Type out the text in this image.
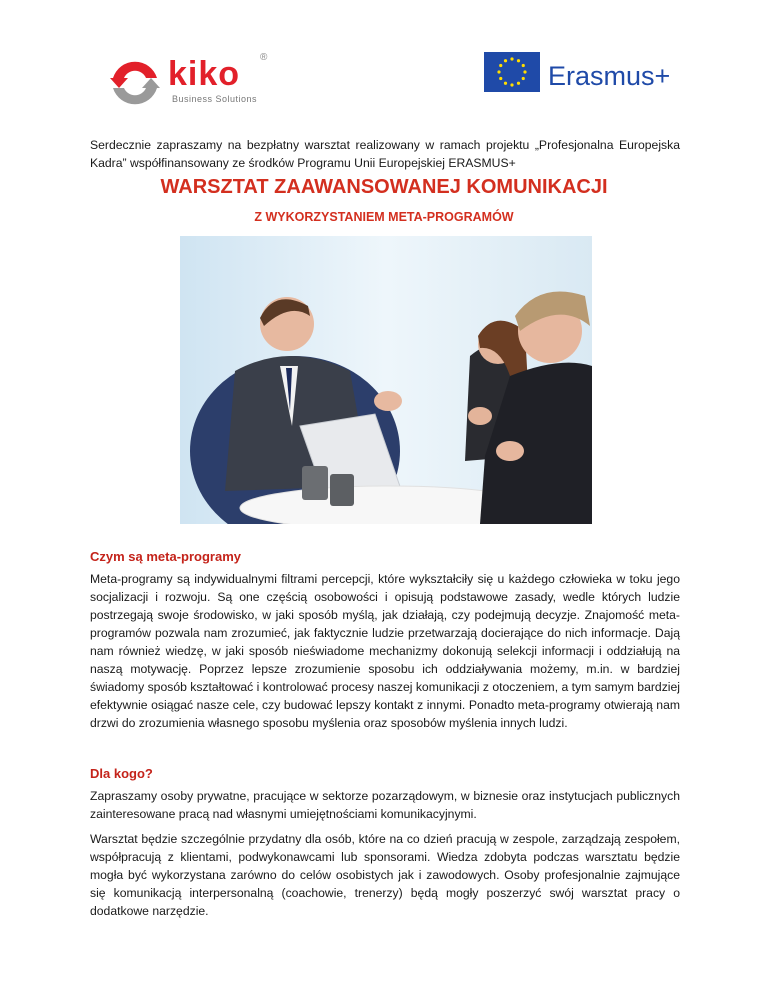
kiko ®
Business Solutions
Erasmus+

Serdecznie zapraszamy na bezpłatny warsztat realizowany w ramach projektu „Profesjonalna Europejska Kadra” współfinansowany ze środków Programu Unii Europejskiej ERASMUS+

WARSZTAT ZAAWANSOWANEJ KOMUNIKACJI
Z WYKORZYSTANIEM META-PROGRAMÓW
Czym są meta-programy

Meta-programy są indywidualnymi filtrami percepcji, które wykształciły się u każdego człowieka w toku jego socjalizacji i rozwoju. Są one częścią osobowości i opisują podstawowe zasady, wedle których ludzie postrzegają swoje środowisko, w jaki sposób myślą, jak działają, czy podejmują decyzje. Znajomość meta-programów pozwala nam zrozumieć, jak faktycznie ludzie przetwarzają docierające do nich informacje. Dają nam również wiedzę, w jaki sposób nieświadome mechanizmy dokonują selekcji informacji i oddziałują na naszą motywację. Poprzez lepsze zrozumienie sposobu ich oddziaływania możemy, m.in. w bardziej świadomy sposób kształtować i kontrolować procesy naszej komunikacji z otoczeniem, a tym samym bardziej efektywnie osiągać nasze cele, czy budować lepszy kontakt z innymi. Ponadto meta-programy otwierają nam drzwi do zrozumienia własnego sposobu myślenia oraz sposobów myślenia innych ludzi.

Dla kogo?

Zapraszamy osoby prywatne, pracujące w sektorze pozarządowym, w biznesie oraz instytucjach publicznych zainteresowane pracą nad własnymi umiejętnościami komunikacyjnymi.

Warsztat będzie szczególnie przydatny dla osób, które na co dzień pracują w zespole, zarządzają zespołem, współpracują z klientami, podwykonawcami lub sponsorami. Wiedza zdobyta podczas warsztatu będzie mogła być wykorzystana zarówno do celów osobistych jak i zawodowych. Osoby profesjonalnie zajmujące się komunikacją interpersonalną (coachowie, trenerzy) będą mogły poszerzyć swój warsztat pracy o dodatkowe narzędzie.
